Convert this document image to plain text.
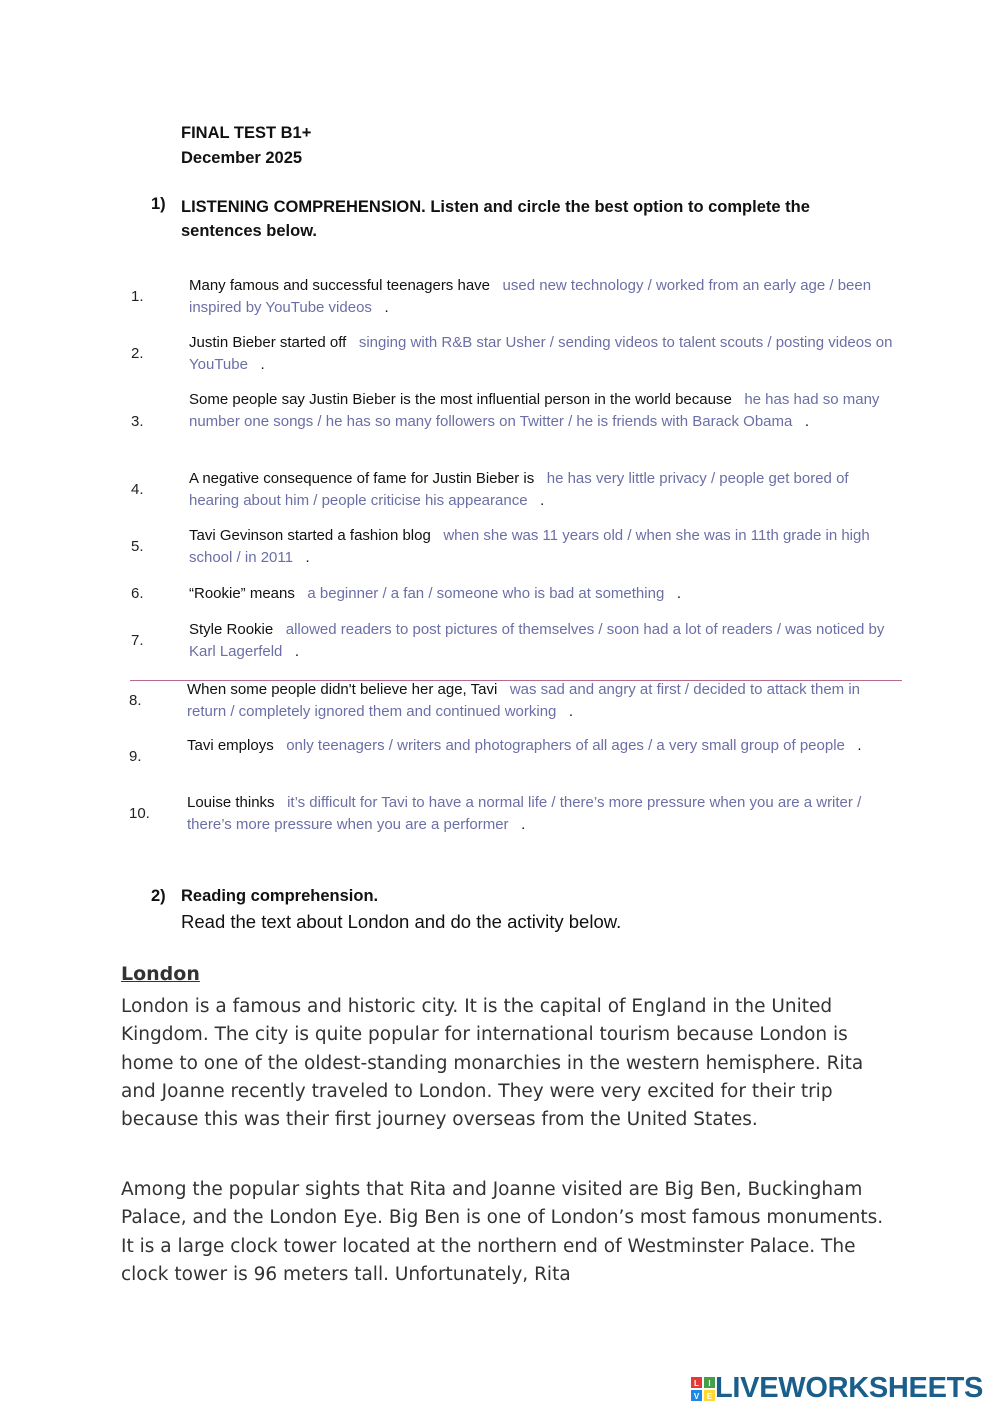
FINAL TEST B1+
December 2025
1) LISTENING COMPREHENSION. Listen and circle the best option to complete the sentences below.
1.
Many famous and successful teenagers have used new technology / worked from an early age / been inspired by YouTube videos .
2.
Justin Bieber started off singing with R&B star Usher / sending videos to talent scouts / posting videos on YouTube .
3.
Some people say Justin Bieber is the most influential person in the world because he has had so many number one songs / he has so many followers on Twitter / he is friends with Barack Obama .
4.
A negative consequence of fame for Justin Bieber is he has very little privacy / people get bored of hearing about him / people criticise his appearance .
5.
Tavi Gevinson started a fashion blog when she was 11 years old / when she was in 11th grade in high school / in 2011 .
6.	“Rookie” means a beginner / a fan / someone who is bad at something .
7.
Style Rookie allowed readers to post pictures of themselves / soon had a lot of readers / was noticed by Karl Lagerfeld .
8.
When some people didn't believe her age, Tavi was sad and angry at first / decided to attack them in return / completely ignored them and continued working .
9.
Tavi employs only teenagers / writers and photographers of all ages / a very small group of people .
10.
Louise thinks it’s difficult for Tavi to have a normal life / there’s more pressure when you are a writer / there’s more pressure when you are a performer .
2) Reading comprehension.
Read the text about London and do the activity below.
London
London is a famous and historic city. It is the capital of England in the United Kingdom. The city is quite popular for international tourism because London is home to one of the oldest-standing monarchies in the western hemisphere. Rita and Joanne recently traveled to London. They were very excited for their trip because this was their first journey overseas from the United States.
Among the popular sights that Rita and Joanne visited are Big Ben, Buckingham Palace, and the London Eye. Big Ben is one of London’s most famous monuments. It is a large clock tower located at the northern end of Westminster Palace. The clock tower is 96 meters tall. Unfortunately, Rita
L I
V E LIVEWORKSHEETS
